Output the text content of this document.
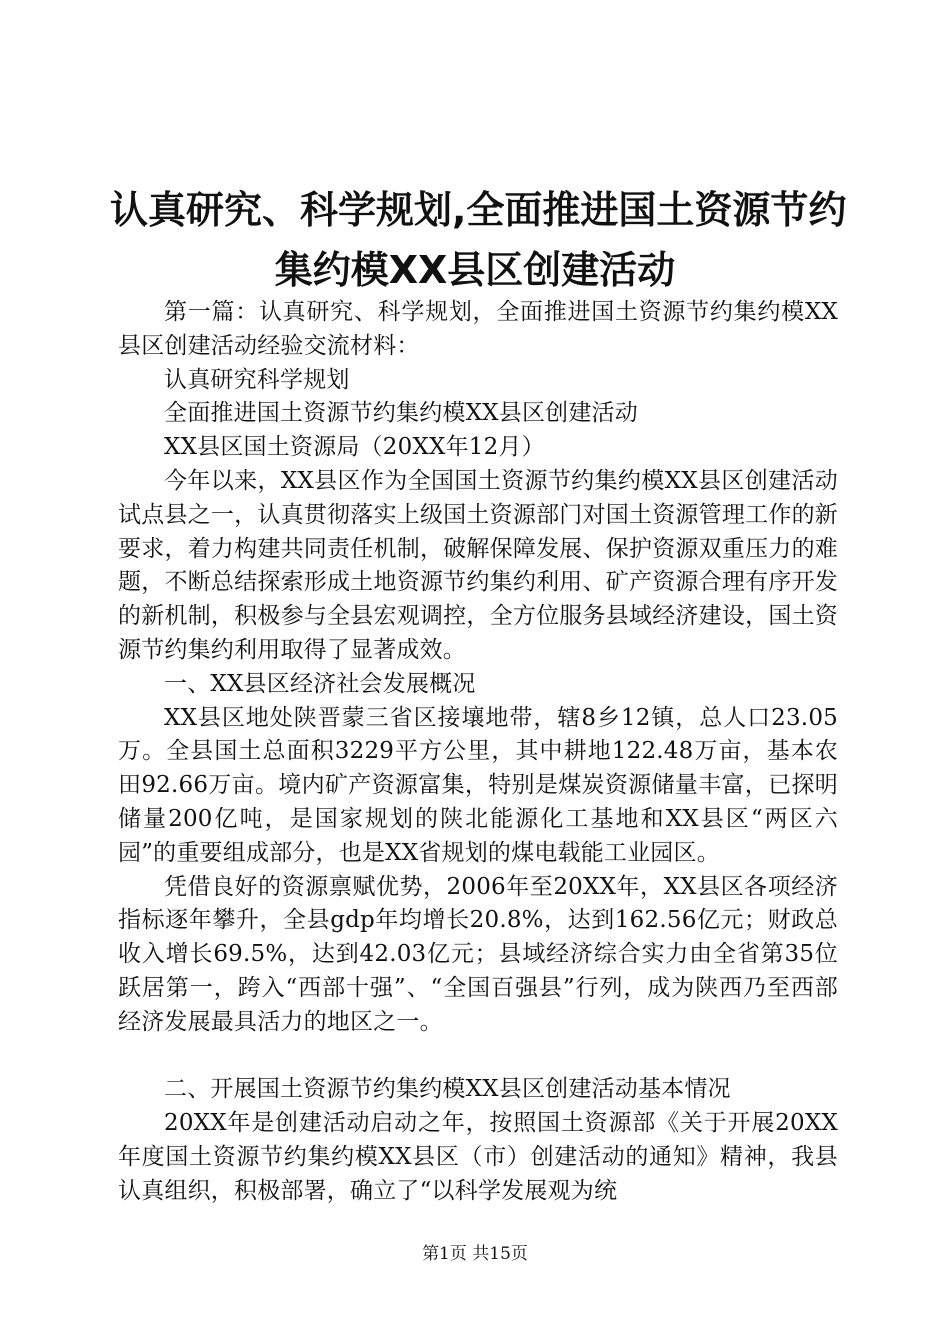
认真研究、科学规划,全面推进国土资源节约
集约模XX县区创建活动

第一篇：认真研究、科学规划，全面推进国土资源节约集约模XX县区创建活动经验交流材料：

认真研究科学规划

全面推进国土资源节约集约模XX县区创建活动

XX县区国土资源局（20XX年12月）

今年以来，XX县区作为全国国土资源节约集约模XX县区创建活动试点县之一，认真贯彻落实上级国土资源部门对国土资源管理工作的新要求，着力构建共同责任机制，破解保障发展、保护资源双重压力的难题，不断总结探索形成土地资源节约集约利用、矿产资源合理有序开发的新机制，积极参与全县宏观调控，全方位服务县域经济建设，国土资源节约集约利用取得了显著成效。

一、XX县区经济社会发展概况

XX县区地处陕晋蒙三省区接壤地带，辖8乡12镇，总人口23.05万。全县国土总面积3229平方公里，其中耕地122.48万亩，基本农田92.66万亩。境内矿产资源富集，特别是煤炭资源储量丰富，已探明储量200亿吨，是国家规划的陕北能源化工基地和XX县区“两区六园”的重要组成部分，也是XX省规划的煤电载能工业园区。

凭借良好的资源禀赋优势，2006年至20XX年，XX县区各项经济指标逐年攀升，全县gdp年均增长20.8%，达到162.56亿元；财政总收入增长69.5%，达到42.03亿元；县域经济综合实力由全省第35位跃居第一，跨入“西部十强”、“全国百强县”行列，成为陕西乃至西部经济发展最具活力的地区之一。

二、开展国土资源节约集约模XX县区创建活动基本情况

20XX年是创建活动启动之年，按照国土资源部《关于开展20XX年度国土资源节约集约模XX县区（市）创建活动的通知》精神，我县认真组织，积极部署，确立了“以科学发展观为统

第1页 共15页
